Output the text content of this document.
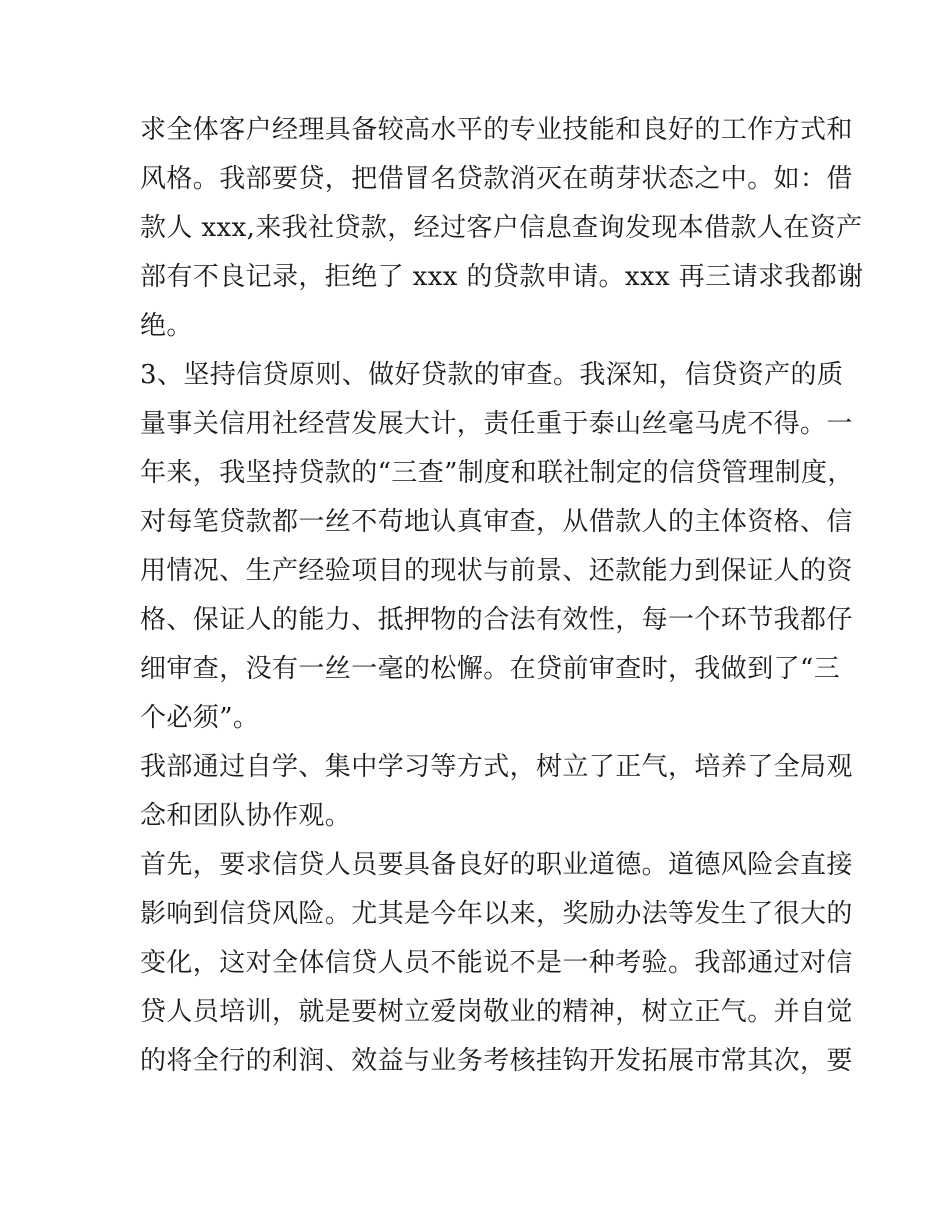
求全体客户经理具备较高水平的专业技能和良好的工作方式和
风格。我部要贷，把借冒名贷款消灭在萌芽状态之中。如：借
款人 xxx,来我社贷款，经过客户信息查询发现本借款人在资产
部有不良记录，拒绝了 xxx 的贷款申请。xxx 再三请求我都谢
绝。
3、坚持信贷原则、做好贷款的审查。我深知，信贷资产的质
量事关信用社经营发展大计，责任重于泰山丝毫马虎不得。一
年来，我坚持贷款的“三查”制度和联社制定的信贷管理制度，
对每笔贷款都一丝不苟地认真审查，从借款人的主体资格、信
用情况、生产经验项目的现状与前景、还款能力到保证人的资
格、保证人的能力、抵押物的合法有效性，每一个环节我都仔
细审查，没有一丝一毫的松懈。在贷前审查时，我做到了“三
个必须”。
我部通过自学、集中学习等方式，树立了正气，培养了全局观
念和团队协作观。
首先，要求信贷人员要具备良好的职业道德。道德风险会直接
影响到信贷风险。尤其是今年以来，奖励办法等发生了很大的
变化，这对全体信贷人员不能说不是一种考验。我部通过对信
贷人员培训，就是要树立爱岗敬业的精神，树立正气。并自觉
的将全行的利润、效益与业务考核挂钩开发拓展市常其次，要
